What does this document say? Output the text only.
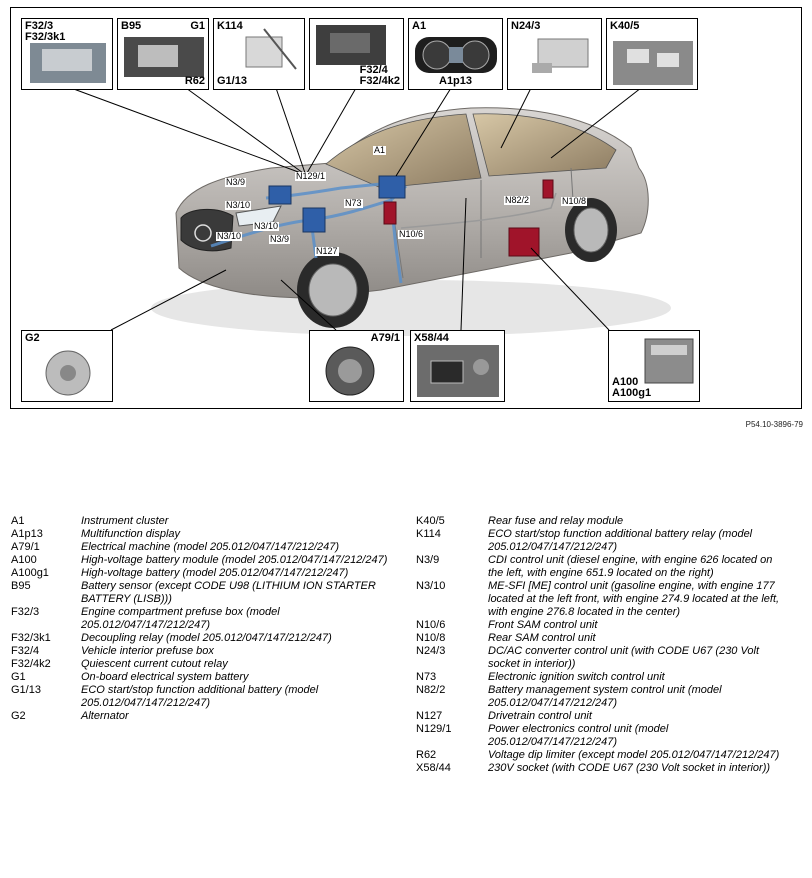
F32/3
F32/3k1
B95	G1
R62
K114
G1/13
F32/4
F32/4k2
A1
A1p13
N24/3	K40/5
G2	A79/1 X58/44
A100
A100g1
N129/1
A1
N3/9
N3/10	N73
N3/10
N3/9	N10/6
N127
N3/10
N82/2	N10/8
P54.10-3896-79
A1	Instrument cluster
A1p13	Multifunction display
A79/1	Electrical machine (model 205.012/047/147/212/247)
A100	High-voltage battery module (model 205.012/047/147/212/247)
A100g1	High-voltage battery (model 205.012/047/147/212/247)
B95	Battery sensor (except CODE U98 (LITHIUM ION STARTER BATTERY (LISB)))
F32/3	Engine compartment prefuse box (model 205.012/047/147/212/247)
F32/3k1	Decoupling relay (model 205.012/047/147/212/247)
F32/4	Vehicle interior prefuse box
F32/4k2	Quiescent current cutout relay
G1	On-board electrical system battery
G1/13	ECO start/stop function additional battery (model 205.012/047/147/212/247)
G2	Alternator
K40/5	Rear fuse and relay module
K114	ECO start/stop function additional battery relay (model 205.012/047/147/212/247)
N3/9	CDI control unit (diesel engine, with engine 626 located on the left, with engine 651.9 located on the right)
N3/10	ME-SFI [ME] control unit (gasoline engine, with engine 177 located at the left front, with engine 274.9 located at the left, with engine 276.8 located in the center)
N10/6	Front SAM control unit
N10/8	Rear SAM control unit
N24/3	DC/AC converter control unit (with CODE U67 (230 Volt socket in interior))
N73	Electronic ignition switch control unit
N82/2	Battery management system control unit (model 205.012/047/147/212/247)
N127	Drivetrain control unit
N129/1	Power electronics control unit (model 205.012/047/147/212/247)
R62	Voltage dip limiter (except model 205.012/047/147/212/247)
X58/44	230V socket (with CODE U67 (230 Volt socket in interior))
